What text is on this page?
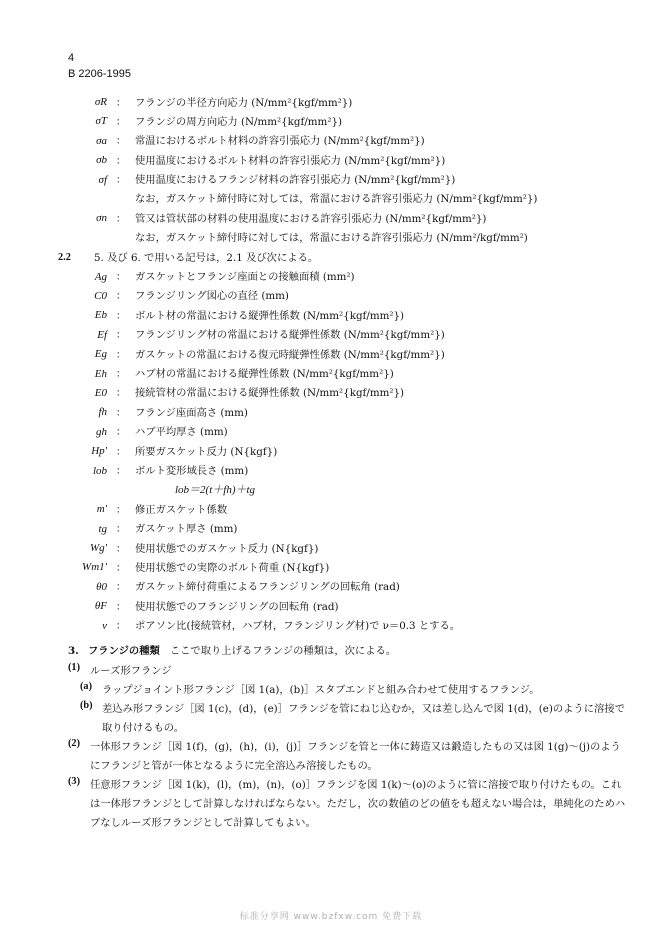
4
B 2206-1995
σR ： フランジの半径方向応力 (N/mm²{kgf/mm²})
σT ： フランジの周方向応力 (N/mm²{kgf/mm²})
σa ： 常温におけるボルト材料の許容引張応力 (N/mm²{kgf/mm²})
σb ： 使用温度におけるボルト材料の許容引張応力 (N/mm²{kgf/mm²})
σf ： 使用温度におけるフランジ材料の許容引張応力 (N/mm²{kgf/mm²})
なお，ガスケット締付時に対しては，常温における許容引張応力 (N/mm²{kgf/mm²})
σn ： 管又は管状部の材料の使用温度における許容引張応力 (N/mm²{kgf/mm²})
なお，ガスケット締付時に対しては，常温における許容引張応力 (N/mm²/kgf/mm²)
2.2	5. 及び 6. で用いる記号は，2.1 及び次による。
Ag ： ガスケットとフランジ座面との接触面積 (mm²)
C0 ： フランジリング図心の直径 (mm)
Eb ： ボルト材の常温における縦弾性係数 (N/mm²{kgf/mm²})
Ef ： フランジリング材の常温における縦弾性係数 (N/mm²{kgf/mm²})
Eg ： ガスケットの常温における復元時縦弾性係数 (N/mm²{kgf/mm²})
Eh ： ハブ材の常温における縦弾性係数 (N/mm²{kgf/mm²})
E0 ： 接続管材の常温における縦弾性係数 (N/mm²{kgf/mm²})
fh ： フランジ座面高さ (mm)
gh ： ハブ平均厚さ (mm)
Hp' ： 所要ガスケット反力 (N{kgf})
lob ： ボルト変形域長さ (mm)
lob＝2(t＋fh)＋tg
m' ： 修正ガスケット係数
tg ： ガスケット厚さ (mm)
Wg' ： 使用状態でのガスケット反力 (N{kgf})
Wm1' ： 使用状態での実際のボルト荷重 (N{kgf})
θ0 ： ガスケット締付荷重によるフランジリングの回転角 (rad)
θF ： 使用状態でのフランジリングの回転角 (rad)
ν ： ポアソン比(接続管材，ハブ材，フランジリング材)で ν＝0.3 とする。
3. フランジの種類 ここで取り上げるフランジの種類は，次による。
(1) ルーズ形フランジ
(a) ラップジョイント形フランジ［図 1(a)，(b)］スタブエンドと組み合わせて使用するフランジ。
(b) 差込み形フランジ［図 1(c)，(d)，(e)］フランジを管にねじ込むか，又は差し込んで図 1(d)，(e)のように溶接で取り付けるもの。
(2) 一体形フランジ［図 1(f)，(g)，(h)，(i)，(j)］フランジを管と一体に鋳造又は鍛造したもの又は図 1(g)〜(j)のようにフランジと管が一体となるように完全溶込み溶接したもの。
(3) 任意形フランジ［図 1(k)，(l)，(m)，(n)，(o)］フランジを図 1(k)〜(o)のように管に溶接で取り付けたもの。これは一体形フランジとして計算しなければならない。ただし，次の数値のどの値をも超えない場合は，単純化のためハブなしルーズ形フランジとして計算してもよい。
标准分享网 www.bzfxw.com 免费下载
